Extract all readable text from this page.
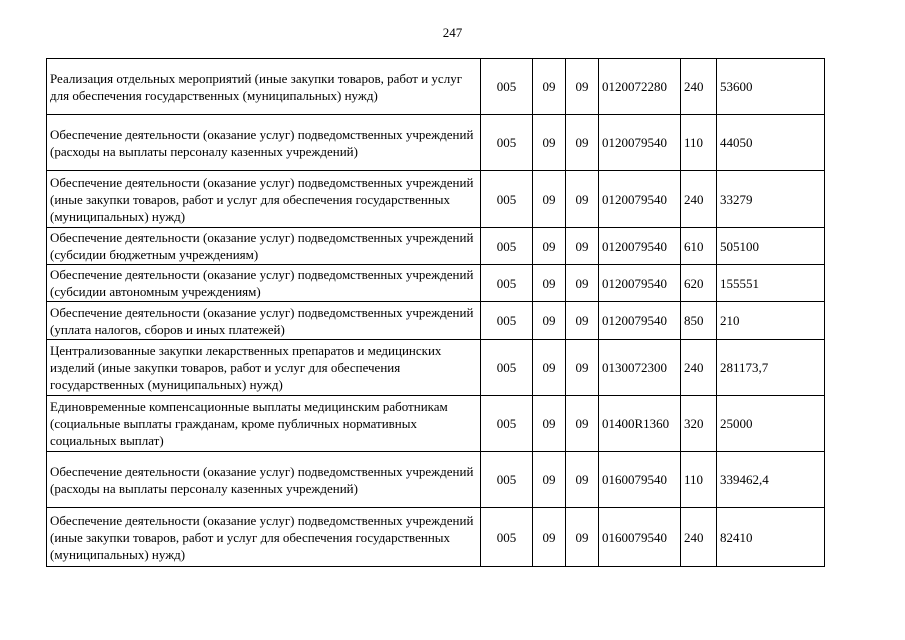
247
Реализация отдельных мероприятий (иные закупки товаров, работ и услуг для обеспечения государственных (муниципальных) нужд)	005	09	09	0120072280	240	53600
Обеспечение деятельности (оказание услуг) подведомственных учреждений (расходы на выплаты персоналу казенных учреждений)	005	09	09	0120079540	110	44050
Обеспечение деятельности (оказание услуг) подведомственных учреждений (иные закупки товаров, работ и услуг для обеспечения государственных (муниципальных) нужд)	005	09	09	0120079540	240	33279
Обеспечение деятельности (оказание услуг) подведомственных учреждений (субсидии бюджетным учреждениям)	005	09	09	0120079540	610	505100
Обеспечение деятельности (оказание услуг) подведомственных учреждений (субсидии автономным учреждениям)	005	09	09	0120079540	620	155551
Обеспечение деятельности (оказание услуг) подведомственных учреждений (уплата налогов, сборов и иных платежей)	005	09	09	0120079540	850	210
Централизованные закупки лекарственных препаратов и медицинских изделий (иные закупки товаров, работ и услуг для обеспечения государственных (муниципальных) нужд)	005	09	09	0130072300	240	281173,7
Единовременные компенсационные выплаты медицинским работникам (социальные выплаты гражданам, кроме публичных нормативных социальных выплат)	005	09	09	01400R1360	320	25000
Обеспечение деятельности (оказание услуг) подведомственных учреждений (расходы на выплаты персоналу казенных учреждений)	005	09	09	0160079540	110	339462,4
Обеспечение деятельности (оказание услуг) подведомственных учреждений (иные закупки товаров, работ и услуг для обеспечения государственных (муниципальных) нужд)	005	09	09	0160079540	240	82410
